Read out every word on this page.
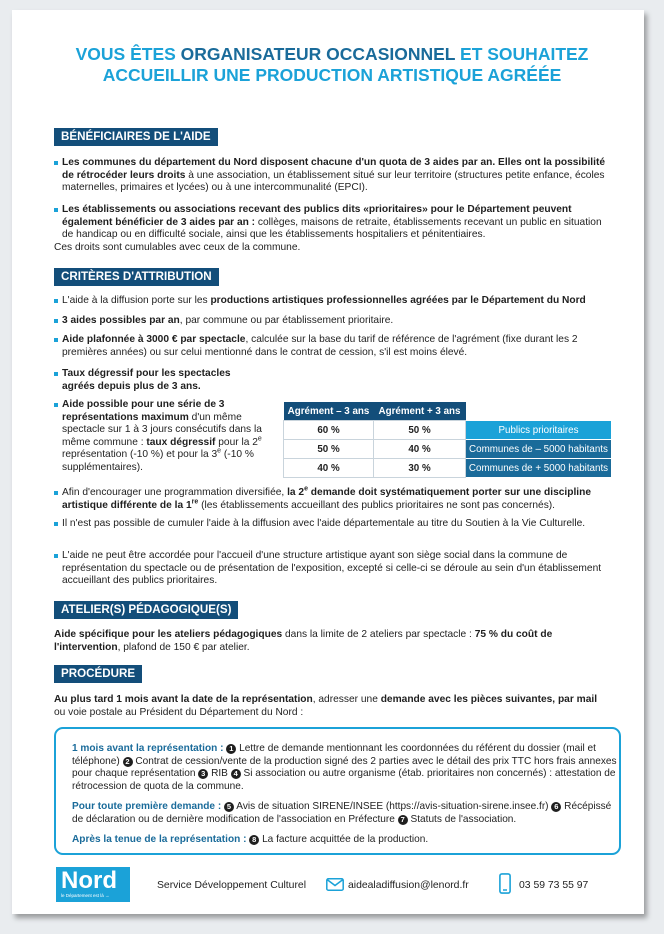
VOUS ÊTES ORGANISATEUR OCCASIONNEL ET SOUHAITEZ
ACCUEILLIR UNE PRODUCTION ARTISTIQUE AGRÉÉE
BÉNÉFICIAIRES DE L'AIDE
Les communes du département du Nord disposent chacune d'un quota de 3 aides par an. Elles ont la possibilité de rétrocéder leurs droits à une association, un établissement situé sur leur territoire (structures petite enfance, écoles maternelles, primaires et lycées) ou à une intercommunalité (EPCI).
Les établissements ou associations recevant des publics dits «prioritaires» pour le Département peuvent également bénéficier de 3 aides par an : collèges, maisons de retraite, établissements recevant un public en situation de handicap ou en difficulté sociale, ainsi que les établissements hospitaliers et pénitentiaires.
Ces droits sont cumulables avec ceux de la commune.
CRITÈRES D'ATTRIBUTION
L'aide à la diffusion porte sur les productions artistiques professionnelles agréées par le Département du Nord
3 aides possibles par an, par commune ou par établissement prioritaire.
Aide plafonnée à 3000 € par spectacle, calculée sur la base du tarif de référence de l'agrément (fixe durant les 2 premières années) ou sur celui mentionné dans le contrat de cession, s'il est moins élevé.
Taux dégressif pour les spectacles
agréés depuis plus de 3 ans.
Aide possible pour une série de 3 représentations maximum d'un même spectacle sur 1 à 3 jours consécutifs dans la même commune : taux dégressif pour la 2e représentation (-10 %) et pour la 3e (-10 % supplémentaires).
Agrément – 3 ans	Agrément + 3 ans	
60 %	50 %	Publics prioritaires
50 %	40 %	Communes de – 5000 habitants
40 %	30 %	Communes de + 5000 habitants
Afin d'encourager une programmation diversifiée, la 2e demande doit systématiquement porter sur une discipline artistique différente de la 1re (les établissements accueillant des publics prioritaires ne sont pas concernés).
Il n'est pas possible de cumuler l'aide à la diffusion avec l'aide départementale au titre du Soutien à la Vie Culturelle.
L'aide ne peut être accordée pour l'accueil d'une structure artistique ayant son siège social dans la commune de représentation du spectacle ou de présentation de l'exposition, excepté si celle-ci se déroule au sein d'un établissement accueillant des publics prioritaires.
ATELIER(S) PÉDAGOGIQUE(S)
Aide spécifique pour les ateliers pédagogiques dans la limite de 2 ateliers par spectacle : 75 % du coût de l'intervention, plafond de 150 € par atelier.
PROCÉDURE
Au plus tard 1 mois avant la date de la représentation, adresser une demande avec les pièces suivantes, par mail ou voie postale au Président du Département du Nord :
1 mois avant la représentation : 1 Lettre de demande mentionnant les coordonnées du référent du dossier (mail et téléphone) 2 Contrat de cession/vente de la production signé des 2 parties avec le détail des prix TTC hors frais annexes pour chaque représentation 3 RIB 4 Si association ou autre organisme (étab. prioritaires non concernés) : attestation de rétrocession de quota de la commune.
Pour toute première demande : 5 Avis de situation SIRENE/INSEE (https://avis-situation-sirene.insee.fr) 6 Récépissé de déclaration ou de dernière modification de l'association en Préfecture 7 Statuts de l'association.
Après la tenue de la représentation : 8 La facture acquittée de la production.
Nord
le Département est là →
Service Développement Culturel	aidealadiffusion@lenord.fr	03 59 73 55 97
